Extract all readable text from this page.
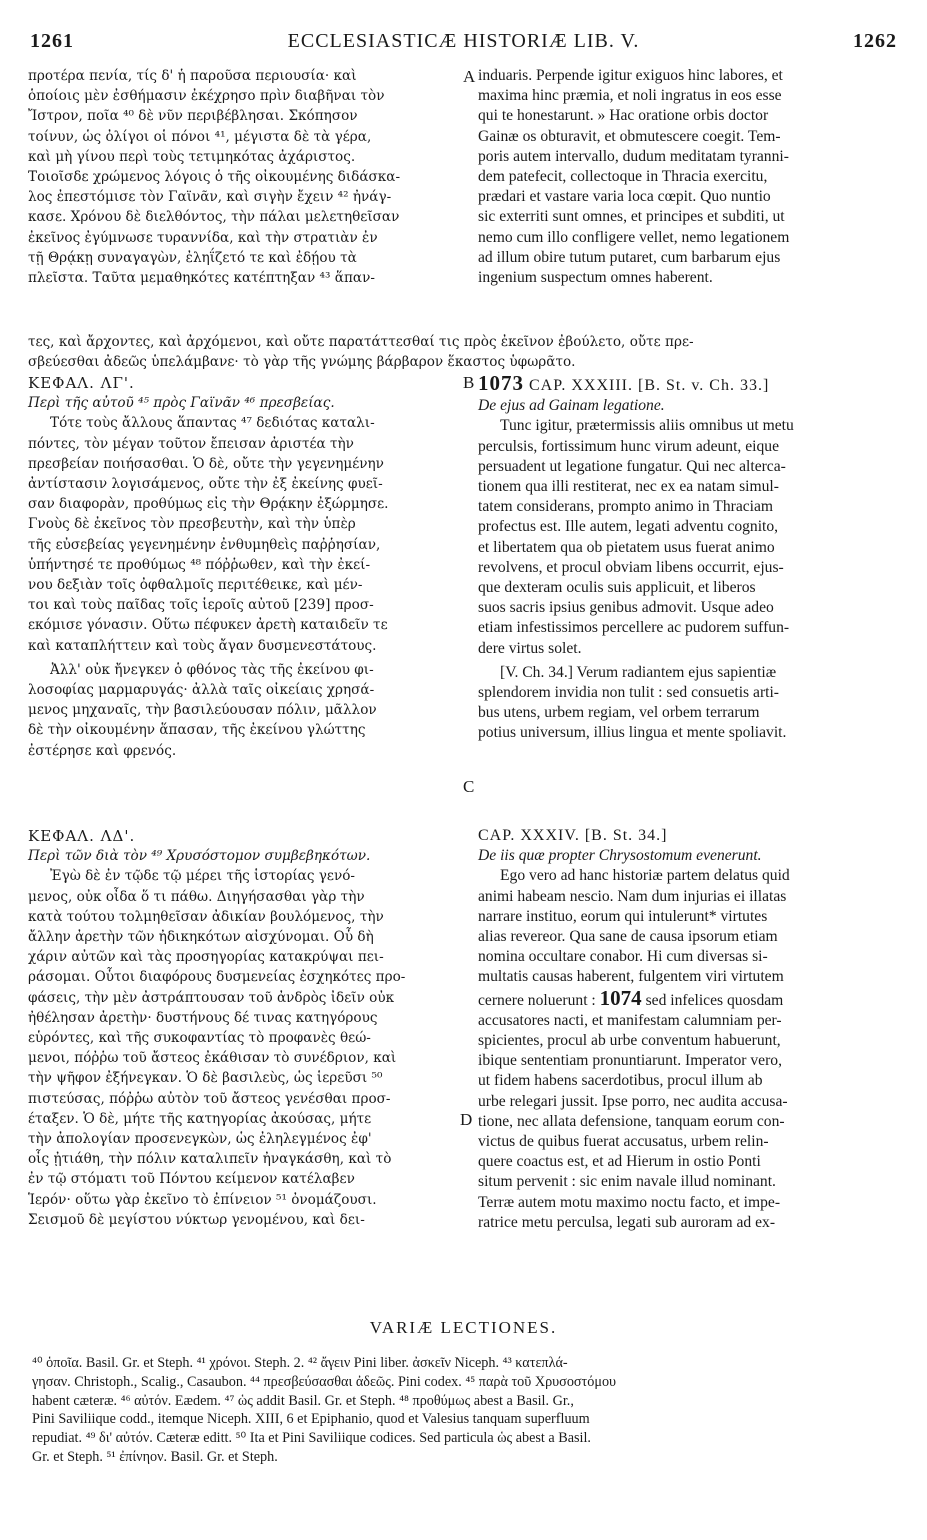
1261	ECCLESIASTICÆ HISTORIÆ LIB. V.	1262
A
B
C
D

προτέρα πενία, τίς δ' ἡ παροῦσα περιουσία· καὶ

ὁποίοις μὲν ἐσθήμασιν ἐκέχρησο πρὶν διαβῆναι τὸν

Ἴστρον, ποῖα ⁴⁰ δὲ νῦν περιβέβλησαι. Σκόπησον

τοίνυν, ὡς ὀλίγοι οἱ πόνοι ⁴¹, μέγιστα δὲ τὰ γέρα,

καὶ μὴ γίνου περὶ τοὺς τετιμηκότας ἀχάριστος.

Τοιοῖσδε χρώμενος λόγοις ὁ τῆς οἰκουμένης διδάσκα-

λος ἐπεστόμισε τὸν Γαϊνᾶν, καὶ σιγὴν ἔχειν ⁴² ἠνάγ-

κασε. Χρόνου δὲ διελθόντος, τὴν πάλαι μελετηθεῖσαν

ἐκεῖνος ἐγύμνωσε τυραννίδα, καὶ τὴν στρατιὰν ἐν

τῇ Θρᾴκῃ συναγαγὼν, ἐληΐζετό τε καὶ ἐδῄου τὰ

πλεῖστα. Ταῦτα μεμαθηκότες κατέπτηξαν ⁴³ ἅπαν-

induaris. Perpende igitur exiguos hinc labores, et

maxima hinc præmia, et noli ingratus in eos esse

qui te honestarunt. » Hac oratione orbis doctor

Gainæ os obturavit, et obmutescere coegit. Tem-

poris autem intervallo, dudum meditatam tyranni-

dem patefecit, collectoque in Thracia exercitu,

prædari et vastare varia loca cœpit. Quo nuntio

sic exterriti sunt omnes, et principes et subditi, ut

nemo cum illo confligere vellet, nemo legationem

ad illum obire tutum putaret, cum barbarum ejus

ingenium suspectum omnes haberent.

τες, καὶ ἄρχοντες, καὶ ἀρχόμενοι, καὶ οὔτε παρατάττεσθαί τις πρὸς ἐκεῖνον ἐβούλετο, οὔτε πρε-

σβεύεσθαι ἀδεῶς ὑπελάμβανε· τὸ γὰρ τῆς γνώμης βάρβαρον ἕκαστος ὑφωρᾶτο.

ΚΕΦΑΛ. ΛΓ'.

Περὶ τῆς αὐτοῦ ⁴⁵ πρὸς Γαϊνᾶν ⁴⁶ πρεσβείας.

Τότε τοὺς ἄλλους ἅπαντας ⁴⁷ δεδιότας καταλι-

πόντες, τὸν μέγαν τοῦτον ἔπεισαν ἀριστέα τὴν

πρεσβείαν ποιήσασθαι. Ὁ δὲ, οὔτε τὴν γεγενημένην

ἀντίστασιν λογισάμενος, οὔτε τὴν ἐξ ἐκείνης φυεῖ-

σαν διαφορὰν, προθύμως εἰς τὴν Θρᾴκην ἐξώρμησε.

Γνοὺς δὲ ἐκεῖνος τὸν πρεσβευτὴν, καὶ τὴν ὑπὲρ

τῆς εὐσεβείας γεγενημένην ἐνθυμηθεὶς παῤῥησίαν,

ὑπήντησέ τε προθύμως ⁴⁸ πόῤῥωθεν, καὶ τὴν ἐκεί-

νου δεξιὰν τοῖς ὀφθαλμοῖς περιτέθεικε, καὶ μέν-

τοι καὶ τοὺς παῖδας τοῖς ἱεροῖς αὐτοῦ [239] προσ-

εκόμισε γόνασιν. Οὕτω πέφυκεν ἀρετὴ καταιδεῖν τε

καὶ καταπλήττειν καὶ τοὺς ἄγαν δυσμενεστάτους.

Ἀλλ' οὐκ ἤνεγκεν ὁ φθόνος τὰς τῆς ἐκείνου φι-

λοσοφίας μαρμαρυγάς· ἀλλὰ ταῖς οἰκείαις χρησά-

μενος μηχαναῖς, τὴν βασιλεύουσαν πόλιν, μᾶλλον

δὲ τὴν οἰκουμένην ἅπασαν, τῆς ἐκείνου γλώττης

ἐστέρησε καὶ φρενός.

1073 CAP. XXXIII. [B. St. v. Ch. 33.]

De ejus ad Gainam legatione.

Tunc igitur, prætermissis aliis omnibus ut metu

perculsis, fortissimum hunc virum adeunt, eique

persuadent ut legatione fungatur. Qui nec alterca-

tionem qua illi restiterat, nec ex ea natam simul-

tatem considerans, prompto animo in Thraciam

profectus est. Ille autem, legati adventu cognito,

et libertatem qua ob pietatem usus fuerat animo

revolvens, et procul obviam libens occurrit, ejus-

que dexteram oculis suis applicuit, et liberos

suos sacris ipsius genibus admovit. Usque adeo

etiam infestissimos percellere ac pudorem suffun-

dere virtus solet.

[V. Ch. 34.] Verum radiantem ejus sapientiæ

splendorem invidia non tulit : sed consuetis arti-

bus utens, urbem regiam, vel orbem terrarum

potius universum, illius lingua et mente spoliavit.

ΚΕΦΑΛ. ΛΔ'.

Περὶ τῶν διὰ τὸν ⁴⁹ Χρυσόστομον συμβεβηκότων.

Ἐγὼ δὲ ἐν τῷδε τῷ μέρει τῆς ἱστορίας γενό-

μενος, οὐκ οἶδα ὅ τι πάθω. Διηγήσασθαι γὰρ τὴν

κατὰ τούτου τολμηθεῖσαν ἀδικίαν βουλόμενος, τὴν

ἄλλην ἀρετὴν τῶν ἠδικηκότων αἰσχύνομαι. Οὗ δὴ

χάριν αὐτῶν καὶ τὰς προσηγορίας κατακρύψαι πει-

ράσομαι. Οὗτοι διαφόρους δυσμενείας ἐσχηκότες προ-

φάσεις, τὴν μὲν ἀστράπτουσαν τοῦ ἀνδρὸς ἰδεῖν οὐκ

ἠθέλησαν ἀρετὴν· δυστήνους δέ τινας κατηγόρους

εὑρόντες, καὶ τῆς συκοφαντίας τὸ προφανὲς θεώ-

μενοι, πόῤῥω τοῦ ἄστεος ἐκάθισαν τὸ συνέδριον, καὶ

τὴν ψῆφον ἐξήνεγκαν. Ὁ δὲ βασιλεὺς, ὡς ἱερεῦσι ⁵⁰

πιστεύσας, πόῤῥω αὐτὸν τοῦ ἄστεος γενέσθαι προσ-

έταξεν. Ὁ δὲ, μήτε τῆς κατηγορίας ἀκούσας, μήτε

τὴν ἀπολογίαν προσενεγκὼν, ὡς ἐληλεγμένος ἐφ'

οἷς ᾐτιάθη, τὴν πόλιν καταλιπεῖν ἠναγκάσθη, καὶ τὸ

ἐν τῷ στόματι τοῦ Πόντου κείμενον κατέλαβεν

Ἱερόν· οὕτω γὰρ ἐκεῖνο τὸ ἐπίνειον ⁵¹ ὀνομάζουσι.

Σεισμοῦ δὲ μεγίστου νύκτωρ γενομένου, καὶ δει-

CAP. XXXIV. [B. St. 34.]

De iis quæ propter Chrysostomum evenerunt.

Ego vero ad hanc historiæ partem delatus quid

animi habeam nescio. Nam dum injurias ei illatas

narrare instituo, eorum qui intulerunt* virtutes

alias revereor. Qua sane de causa ipsorum etiam

nomina occultare conabor. Hi cum diversas si-

multatis causas haberent, fulgentem viri virtutem

cernere noluerunt : 1074 sed infelices quosdam

accusatores nacti, et manifestam calumniam per-

spicientes, procul ab urbe conventum habuerunt,

ibique sententiam pronuntiarunt. Imperator vero,

ut fidem habens sacerdotibus, procul illum ab

urbe relegari jussit. Ipse porro, nec audita accusa-

tione, nec allata defensione, tanquam eorum con-

victus de quibus fuerat accusatus, urbem relin-

quere coactus est, et ad Hierum in ostio Ponti

situm pervenit : sic enim navale illud nominant.

Terræ autem motu maximo noctu facto, et impe-

ratrice metu perculsa, legati sub auroram ad ex-

VARIÆ LECTIONES.
⁴⁰ ὁποῖα. Basil. Gr. et Steph. ⁴¹ χρόνοι. Steph. 2. ⁴² ἄγειν Pini liber. ἀσκεῖν Niceph. ⁴³ κατεπλά-
γησαν. Christoph., Scalig., Casaubon. ⁴⁴ πρεσβεύσασθαι ἀδεῶς. Pini codex. ⁴⁵ παρὰ τοῦ Χρυσοστόμου
habent cæteræ. ⁴⁶ αὐτόν. Eædem. ⁴⁷ ὡς addit Basil. Gr. et Steph. ⁴⁸ προθύμως abest a Basil. Gr.,
Pini Saviliique codd., itemque Niceph. XIII, 6 et Epiphanio, quod et Valesius tanquam superfluum
repudiat. ⁴⁹ δι' αὐτόν. Cæteræ editt. ⁵⁰ Ita et Pini Saviliique codices. Sed particula ὡς abest a Basil.
Gr. et Steph. ⁵¹ ἐπίνηον. Basil. Gr. et Steph.
